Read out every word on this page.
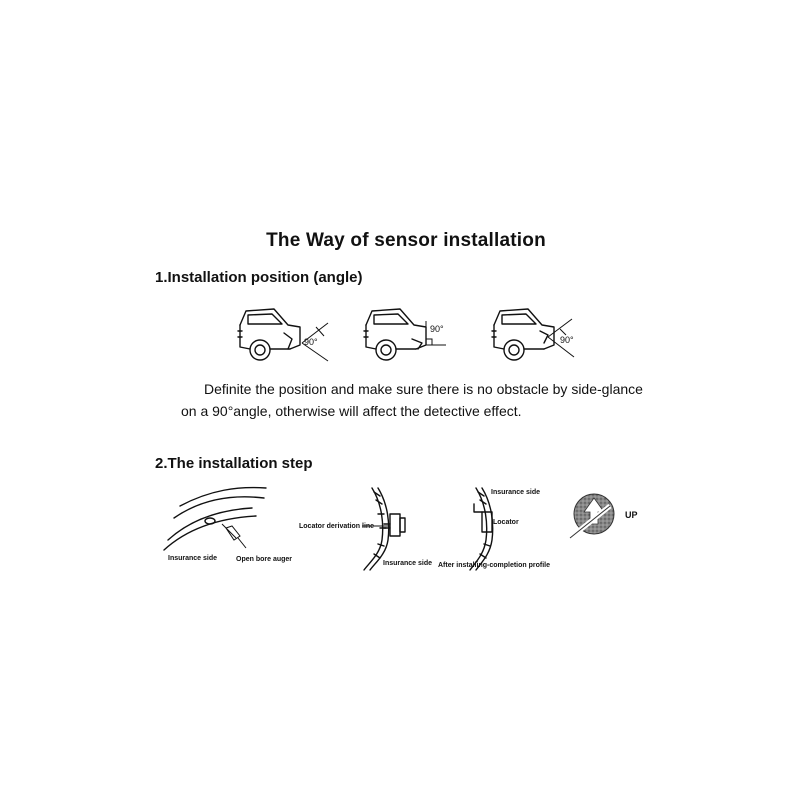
The Way of sensor installation
1.Installation position (angle)
90°
90°
90°
Definite the position and make sure there is no obstacle by side-glance
on a 90°angle, otherwise will affect the detective effect.
2.The installation step
Insurance side	Open bore auger
Locator derivation line
Insurance side
Insurance side
Locator
After installing-completion profile
UP
